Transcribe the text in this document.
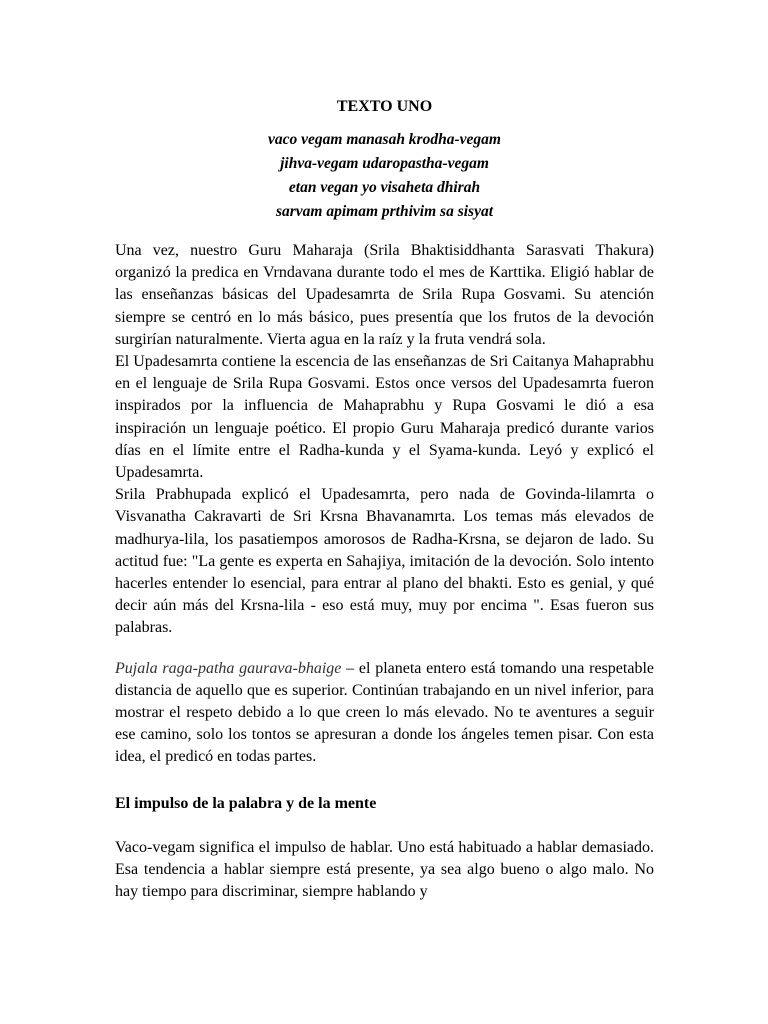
TEXTO UNO

vaco vegam manasah krodha-vegam

jihva-vegam udaropastha-vegam

etan vegan yo visaheta dhirah

sarvam apimam prthivim sa sisyat

Una vez, nuestro Guru Maharaja (Srila Bhaktisiddhanta Sarasvati Thakura) organizó la predica en Vrndavana durante todo el mes de Karttika. Eligió hablar de las enseñanzas básicas del Upadesamrta de Srila Rupa Gosvami. Su atención siempre se centró en lo más básico, pues presentía que los frutos de la devoción surgirían naturalmente. Vierta agua en la raíz y la fruta vendrá sola.

El Upadesamrta contiene la escencia de las enseñanzas de Sri Caitanya Mahaprabhu en el lenguaje de Srila Rupa Gosvami. Estos once versos del Upadesamrta fueron inspirados por la influencia de Mahaprabhu y Rupa Gosvami le dió a esa inspiración un lenguaje poético. El propio Guru Maharaja predicó durante varios días en el límite entre el Radha-kunda y el Syama-kunda. Leyó y explicó el Upadesamrta.

Srila Prabhupada explicó el Upadesamrta, pero nada de Govinda-lilamrta o Visvanatha Cakravarti de Sri Krsna Bhavanamrta. Los temas más elevados de madhurya-lila, los pasatiempos amorosos de Radha-Krsna, se dejaron de lado. Su actitud fue: "La gente es experta en Sahajiya, imitación de la devoción. Solo intento hacerles entender lo esencial, para entrar al plano del bhakti. Esto es genial, y qué decir aún más del Krsna-lila - eso está muy, muy por encima ". Esas fueron sus palabras.

Pujala raga-patha gaurava-bhaige – el planeta entero está tomando una respetable distancia de aquello que es superior. Continúan trabajando en un nivel inferior, para mostrar el respeto debido a lo que creen lo más elevado. No te aventures a seguir ese camino, solo los tontos se apresuran a donde los ángeles temen pisar. Con esta idea, el predicó en todas partes.

El impulso de la palabra y de la mente

Vaco-vegam significa el impulso de hablar. Uno está habituado a hablar demasiado. Esa tendencia a hablar siempre está presente, ya sea algo bueno o algo malo. No hay tiempo para discriminar, siempre hablando y
